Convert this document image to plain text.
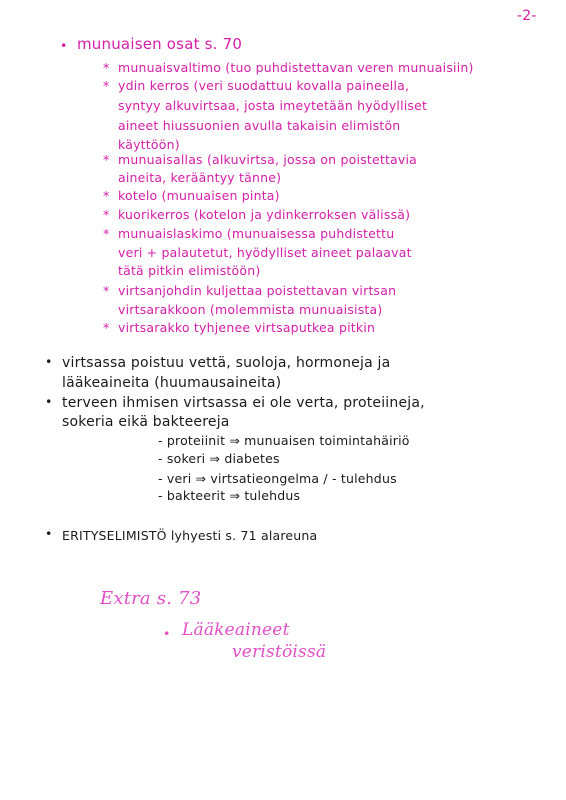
-2-
• munuaisen osat s. 70
* munuaisvaltimo (tuo puhdistettavan veren munuaisiin)
* ydin kerros (veri suodattuu kovalla paineella,
syntyy alkuvirtsaa, josta imeytetään hyödylliset
aineet hiussuonien avulla takaisin elimistön
käyttöön)
* munuaisallas (alkuvirtsa, jossa on poistettavia
aineita, kerääntyy tänne)
* kotelo (munuaisen pinta)
* kuorikerros (kotelon ja ydinkerroksen välissä)
* munuaislaskimo (munuaisessa puhdistettu
veri + palautetut, hyödylliset aineet palaavat
tätä pitkin elimistöön)
* virtsanjohdin kuljettaa poistettavan virtsan
virtsarakkoon (molemmista munuaisista)
* virtsarakko tyhjenee virtsaputkea pitkin
• virtsassa poistuu vettä, suoloja, hormoneja ja
lääkeaineita (huumausaineita)
• terveen ihmisen virtsassa ei ole verta, proteiineja,
sokeria eikä bakteereja
- proteiinit ⇒ munuaisen toimintahäiriö
- sokeri ⇒ diabetes
- veri ⇒ virtsatieongelma / - tulehdus
- bakteerit ⇒ tulehdus
• ERITYSELIMISTÖ lyhyesti s. 71 alareuna
Extra s. 73
• Lääkeaineet
veristöissä
